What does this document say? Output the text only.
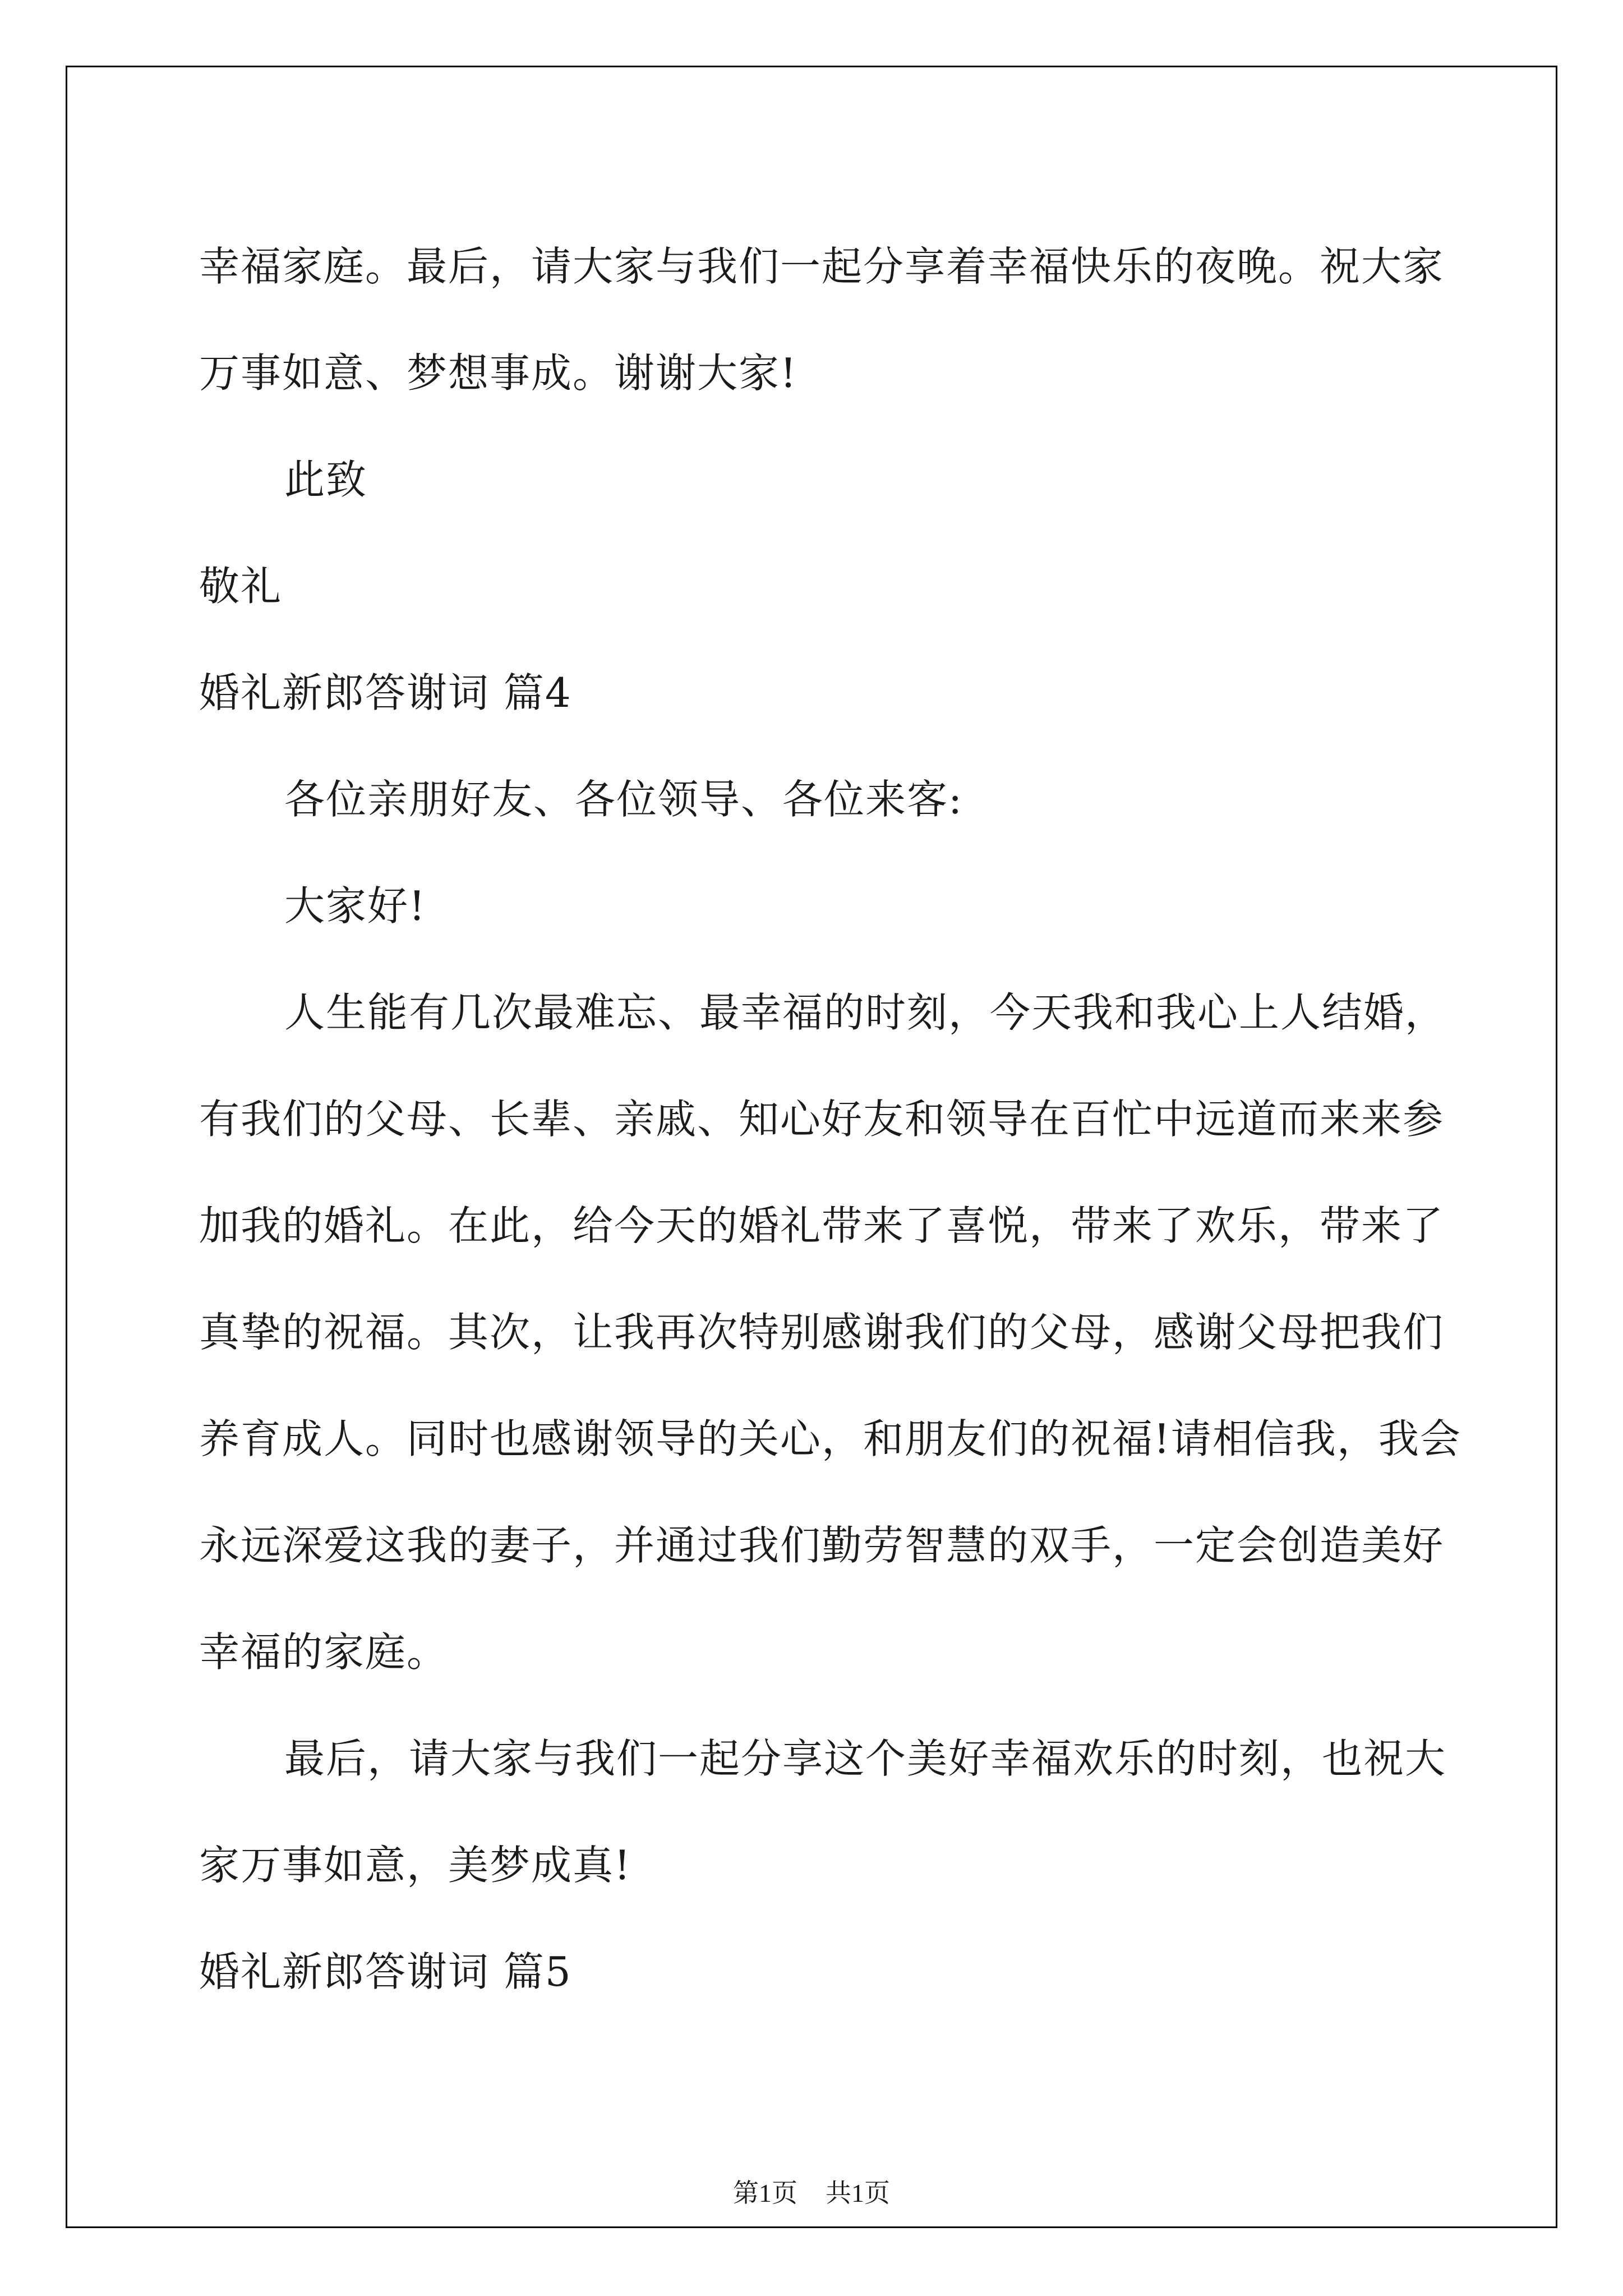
幸福家庭。最后，请大家与我们一起分享着幸福快乐的夜晚。祝大家
万事如意、梦想事成。谢谢大家!
此致
敬礼
婚礼新郎答谢词 篇4
各位亲朋好友、各位领导、各位来客:
大家好!
人生能有几次最难忘、最幸福的时刻，今天我和我心上人结婚，
有我们的父母、长辈、亲戚、知心好友和领导在百忙中远道而来来参
加我的婚礼。在此，给今天的婚礼带来了喜悦，带来了欢乐，带来了
真挚的祝福。其次，让我再次特别感谢我们的父母，感谢父母把我们
养育成人。同时也感谢领导的关心，和朋友们的祝福!请相信我，我会
永远深爱这我的妻子，并通过我们勤劳智慧的双手，一定会创造美好
幸福的家庭。
最后，请大家与我们一起分享这个美好幸福欢乐的时刻，也祝大
家万事如意，美梦成真!
婚礼新郎答谢词 篇5
第1页 共1页
